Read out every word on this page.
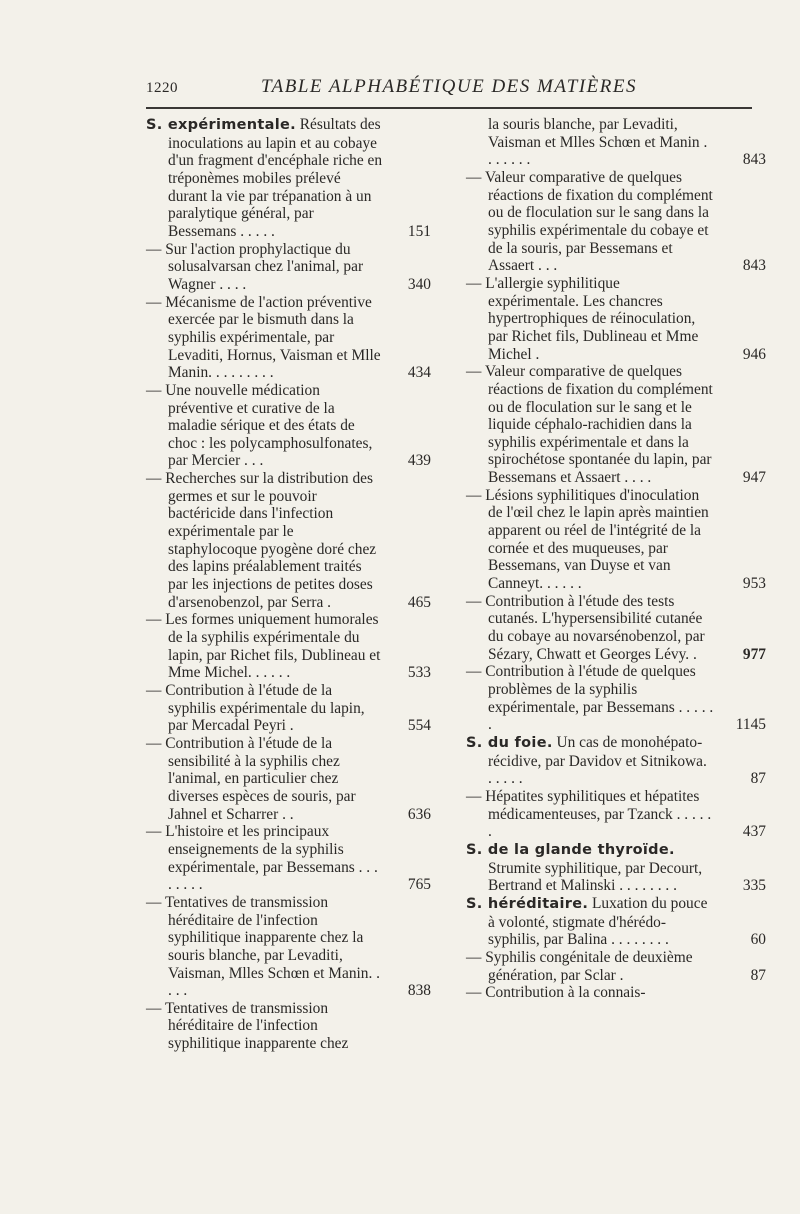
1220	TABLE ALPHABÉTIQUE DES MATIÈRES
S. expérimentale. Résultats des inoculations au lapin et au cobaye d'un fragment d'encéphale riche en tréponèmes mobiles prélevé durant la vie par trépanation à un paralytique général, par Bessemans . . . . .	151
— Sur l'action prophylactique du solusalvarsan chez l'animal, par Wagner . . . .	340
— Mécanisme de l'action préventive exercée par le bismuth dans la syphilis expérimentale, par Levaditi, Hornus, Vaisman et Mlle Manin. . . . . . . . .	434
— Une nouvelle médication préventive et curative de la maladie sérique et des états de choc : les polycamphosulfonates, par Mercier . . .	439
— Recherches sur la distribution des germes et sur le pouvoir bactéricide dans l'infection expérimentale par le staphylocoque pyogène doré chez des lapins préalablement traités par les injections de petites doses d'arsenobenzol, par Serra .	465
— Les formes uniquement humorales de la syphilis expérimentale du lapin, par Richet fils, Dublineau et Mme Michel. . . . . .	533
— Contribution à l'étude de la syphilis expérimentale du lapin, par Mercadal Peyri .	554
— Contribution à l'étude de la sensibilité à la syphilis chez l'animal, en particulier chez diverses espèces de souris, par Jahnel et Scharrer . .	636
— L'histoire et les principaux enseignements de la syphilis expérimentale, par Bessemans . . . . . . . .	765
— Tentatives de transmission héréditaire de l'infection syphilitique inapparente chez la souris blanche, par Levaditi, Vaisman, Mlles Schœn et Manin. . . . .	838
— Tentatives de transmission héréditaire de l'infection syphilitique inapparente chez
la souris blanche, par Levaditi, Vaisman et Mlles Schœn et Manin . . . . . . .	843
— Valeur comparative de quelques réactions de fixation du complément ou de floculation sur le sang dans la syphilis expérimentale du cobaye et de la souris, par Bessemans et Assaert . . .	843
— L'allergie syphilitique expérimentale. Les chancres hypertrophiques de réinoculation, par Richet fils, Dublineau et Mme Michel .	946
— Valeur comparative de quelques réactions de fixation du complément ou de floculation sur le sang et le liquide céphalo-rachidien dans la syphilis expérimentale et dans la spirochétose spontanée du lapin, par Bessemans et Assaert . . . .	947
— Lésions syphilitiques d'inoculation de l'œil chez le lapin après maintien apparent ou réel de l'intégrité de la cornée et des muqueuses, par Bessemans, van Duyse et van Canneyt. . . . . .	953
— Contribution à l'étude des tests cutanés. L'hypersensibilité cutanée du cobaye au novarsénobenzol, par Sézary, Chwatt et Georges Lévy. .	977
— Contribution à l'étude de quelques problèmes de la syphilis expérimentale, par Bessemans . . . . . .	1145
S. du foie. Un cas de monohépato-récidive, par Davidov et Sitnikowa. . . . . .	87
— Hépatites syphilitiques et hépatites médicamenteuses, par Tzanck . . . . . .	437
S. de la glande thyroïde. Strumite syphilitique, par Decourt, Bertrand et Malinski . . . . . . . .	335
S. héréditaire. Luxation du pouce à volonté, stigmate d'hérédo-syphilis, par Balina . . . . . . . .	60
— Syphilis congénitale de deuxième génération, par Sclar .	87
— Contribution à la connais-
